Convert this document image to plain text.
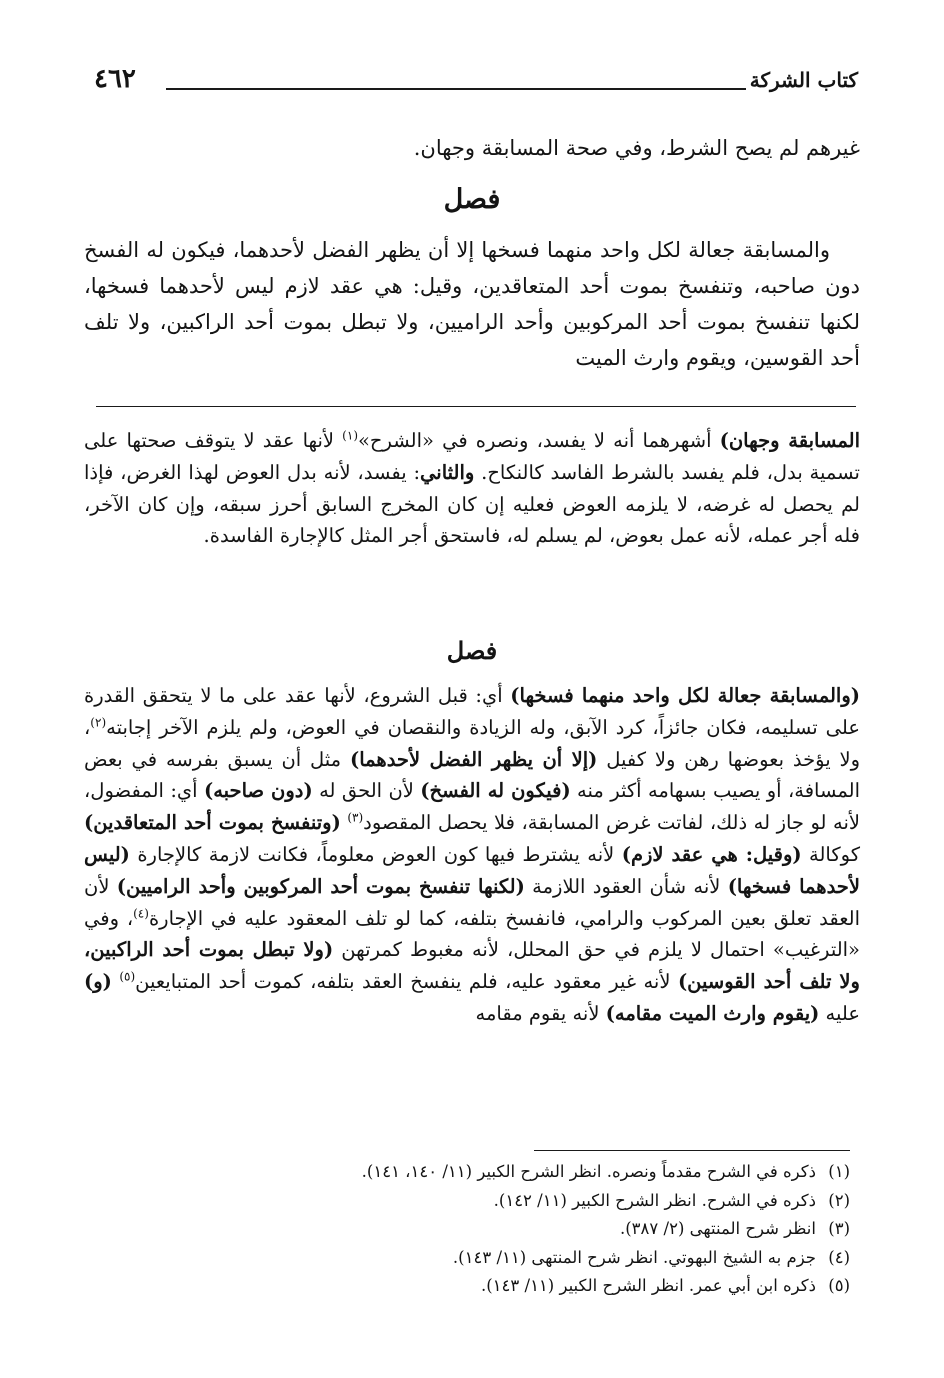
كتاب الشركة
٤٦٢
غيرهم لم يصح الشرط، وفي صحة المسابقة وجهان.
فصل
والمسابقة جعالة لكل واحد منهما فسخها إلا أن يظهر الفضل لأحدهما، فيكون له الفسخ دون صاحبه، وتنفسخ بموت أحد المتعاقدين، وقيل: هي عقد لازم ليس لأحدهما فسخها، لكنها تنفسخ بموت أحد المركوبين وأحد الراميين، ولا تبطل بموت أحد الراكبين، ولا تلف أحد القوسين، ويقوم وارث الميت
المسابقة وجهان) أشهرهما أنه لا يفسد، ونصره في «الشرح»$^{(١)}$ لأنها عقد لا يتوقف صحتها على تسمية بدل، فلم يفسد بالشرط الفاسد كالنكاح. والثاني: يفسد، لأنه بدل العوض لهذا الغرض، فإذا لم يحصل له غرضه، لا يلزمه العوض فعليه إن كان المخرج السابق أحرز سبقه، وإن كان الآخر، فله أجر عمله، لأنه عمل بعوض، لم يسلم له، فاستحق أجر المثل كالإجارة الفاسدة.
فصل
(والمسابقة جعالة لكل واحد منهما فسخها) أي: قبل الشروع، لأنها عقد على ما لا يتحقق القدرة على تسليمه، فكان جائزاً، كرد الآبق، وله الزيادة والنقصان في العوض، ولم يلزم الآخر إجابته$^{(٢)}$، ولا يؤخذ بعوضها رهن ولا كفيل (إلا أن يظهر الفضل لأحدهما) مثل أن يسبق بفرسه في بعض المسافة، أو يصيب بسهامه أكثر منه (فيكون له الفسخ) لأن الحق له (دون صاحبه) أي: المفضول، لأنه لو جاز له ذلك، لفاتت غرض المسابقة، فلا يحصل المقصود$^{(٣)}$ (وتنفسخ بموت أحد المتعاقدين) كوكالة (وقيل: هي عقد لازم) لأنه يشترط فيها كون العوض معلوماً، فكانت لازمة كالإجارة (ليس لأحدهما فسخها) لأنه شأن العقود اللازمة (لكنها تنفسخ بموت أحد المركوبين وأحد الراميين) لأن العقد تعلق بعين المركوب والرامي، فانفسخ بتلفه، كما لو تلف المعقود عليه في الإجارة$^{(٤)}$، وفي «الترغيب» احتمال لا يلزم في حق المحلل، لأنه مغبوط كمرتهن (ولا تبطل بموت أحد الراكبين، ولا تلف أحد القوسين) لأنه غير معقود عليه، فلم ينفسخ العقد بتلفه، كموت أحد المتبايعين$^{(٥)}$ (و) عليه (يقوم وارث الميت مقامه) لأنه يقوم مقامه
(١)ذكره في الشرح مقدماً ونصره. انظر الشرح الكبير (١١/ ١٤٠، ١٤١).
(٢)ذكره في الشرح. انظر الشرح الكبير (١١/ ١٤٢).
(٣)انظر شرح المنتهى (٢/ ٣٨٧).
(٤)جزم به الشيخ البهوتي. انظر شرح المنتهى (١١/ ١٤٣).
(٥)ذكره ابن أبي عمر. انظر الشرح الكبير (١١/ ١٤٣).
